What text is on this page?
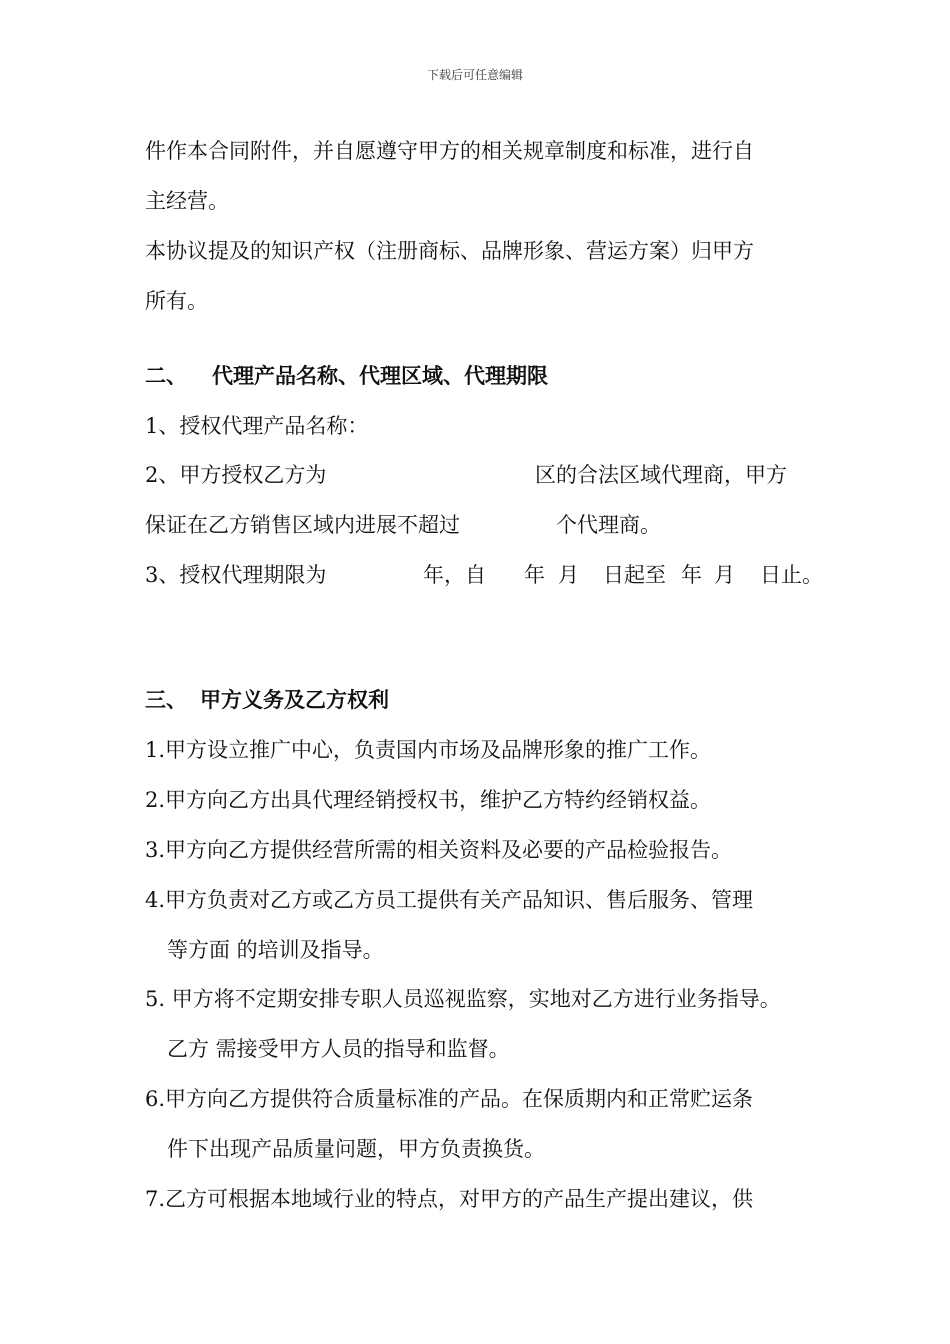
下载后可任意编辑
件作本合同附件，并自愿遵守甲方的相关规章制度和标准，进行自
主经营。
本协议提及的知识产权（注册商标、品牌形象、营运方案）归甲方
所有。
二、 代理产品名称、代理区域、代理期限
1、授权代理产品名称：
2、甲方授权乙方为	区的合法区域代理商，甲方
保证在乙方销售区域内进展不超过	个代理商。
3、授权代理期限为	年，自 年 月 日起至 年 月 日止。
三、 甲方义务及乙方权利
1.甲方设立推广中心，负责国内市场及品牌形象的推广工作。
2.甲方向乙方出具代理经销授权书，维护乙方特约经销权益。
3.甲方向乙方提供经营所需的相关资料及必要的产品检验报告。
4.甲方负责对乙方或乙方员工提供有关产品知识、售后服务、管理
等方面 的培训及指导。
5. 甲方将不定期安排专职人员巡视监察，实地对乙方进行业务指导。
乙方 需接受甲方人员的指导和监督。
6.甲方向乙方提供符合质量标准的产品。在保质期内和正常贮运条
件下出现产品质量问题，甲方负责换货。
7.乙方可根据本地域行业的特点，对甲方的产品生产提出建议，供
